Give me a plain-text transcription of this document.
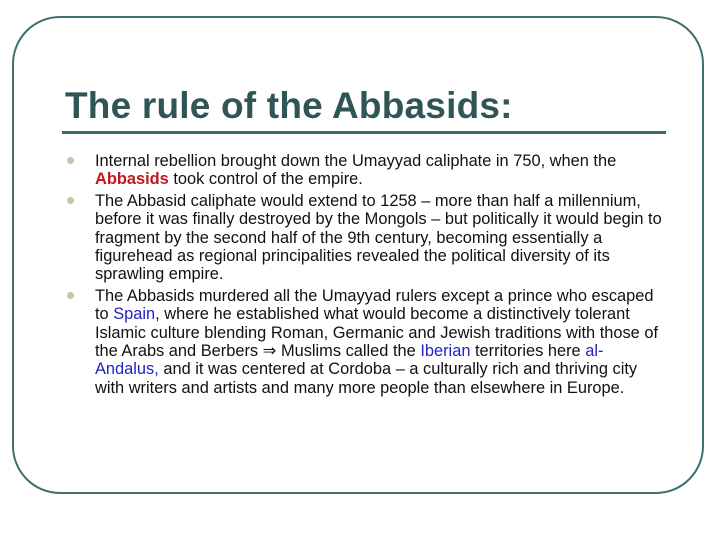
The rule of the Abbasids:
Internal rebellion brought down the Umayyad caliphate in 750, when the Abbasids took control of the empire.
The Abbasid caliphate would extend to 1258 – more than half a millennium, before it was finally destroyed by the Mongols – but politically it would begin to fragment by the second half of the 9th century, becoming essentially a figurehead as regional principalities revealed the political diversity of its sprawling empire.
The Abbasids murdered all the Umayyad rulers except a prince who escaped to Spain, where he established what would become a distinctively tolerant Islamic culture blending Roman, Germanic and Jewish traditions with those of the Arabs and Berbers ⇒ Muslims called the Iberian territories here al-Andalus, and it was centered at Cordoba – a culturally rich and thriving city with writers and artists and many more people than elsewhere in Europe.
